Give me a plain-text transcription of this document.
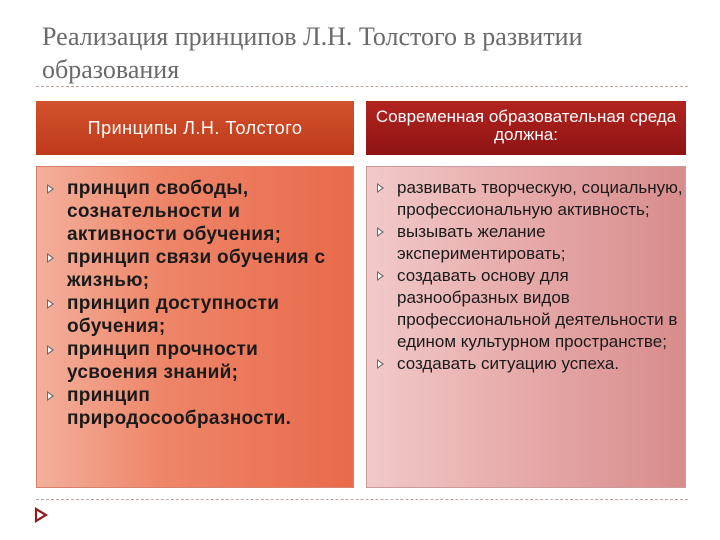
Реализация принципов Л.Н. Толстого в развитии образования
Принципы Л.Н. Толстого
Современная образовательная среда должна:
принцип свободы, сознательности и активности обучения;
принцип связи обучения с жизнью;
принцип доступности обучения;
принцип прочности усвоения знаний;
принцип природосообразности.
развивать творческую, социальную, профессиональную активность;
вызывать желание экспериментировать;
создавать основу для разнообразных видов профессиональной деятельности в едином культурном пространстве;
создавать ситуацию успеха.
